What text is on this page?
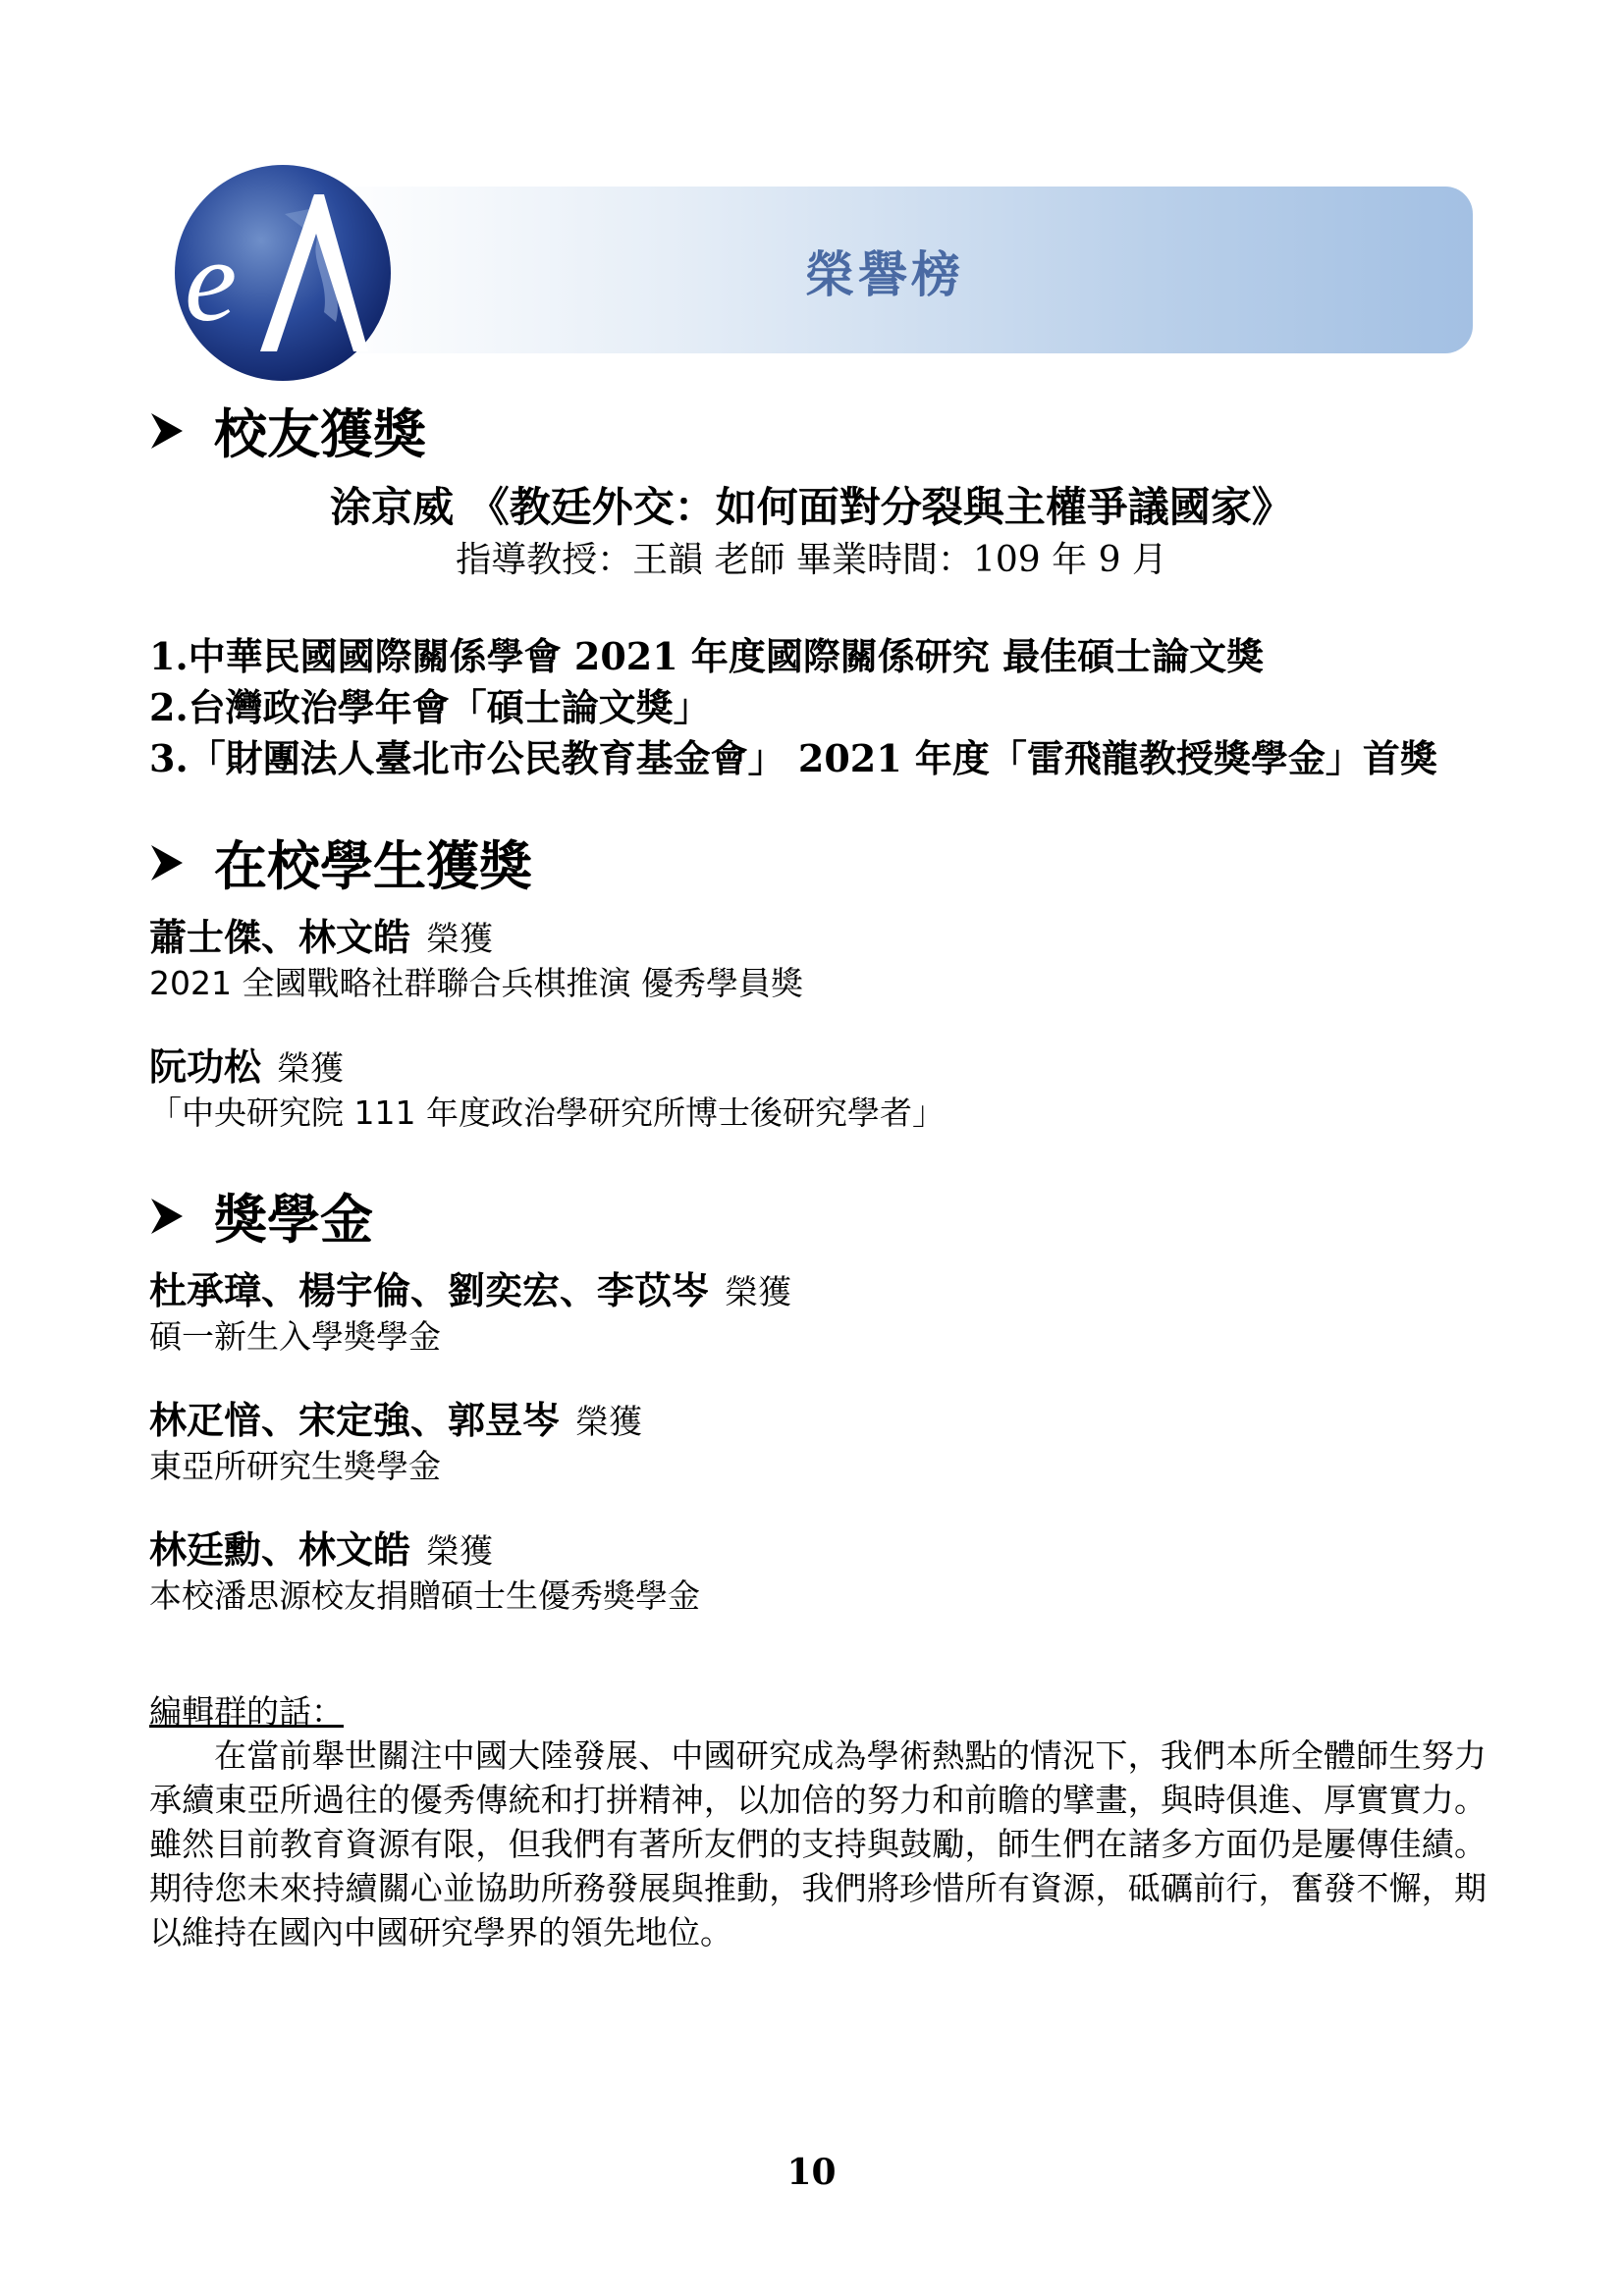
榮譽榜
e
校友獲獎
涂京威 《教廷外交：如何面對分裂與主權爭議國家》
指導教授：王韻 老師 畢業時間：109 年 9 月
1.中華民國國際關係學會 2021 年度國際關係研究 最佳碩士論文獎
2.台灣政治學年會「碩士論文獎」
3.「財團法人臺北市公民教育基金會」 2021 年度「雷飛龍教授獎學金」首獎
在校學生獲獎
蕭士傑、林文皓 榮獲
2021 全國戰略社群聯合兵棋推演 優秀學員獎
阮功松 榮獲
「中央研究院 111 年度政治學研究所博士後研究學者」
獎學金
杜承璋、楊宇倫、劉奕宏、李苡岑 榮獲
碩一新生入學獎學金
林疋愔、宋定強、郭昱岑 榮獲
東亞所研究生獎學金
林廷勳、林文皓 榮獲
本校潘思源校友捐贈碩士生優秀獎學金
編輯群的話：
在當前舉世關注中國大陸發展、中國研究成為學術熱點的情況下，我們本所全體師生努力承續東亞所過往的優秀傳統和打拼精神，以加倍的努力和前瞻的擘畫，與時俱進、厚實實力。雖然目前教育資源有限，但我們有著所友們的支持與鼓勵，師生們在諸多方面仍是屢傳佳績。期待您未來持續關心並協助所務發展與推動，我們將珍惜所有資源，砥礪前行，奮發不懈，期以維持在國內中國研究學界的領先地位。
10
